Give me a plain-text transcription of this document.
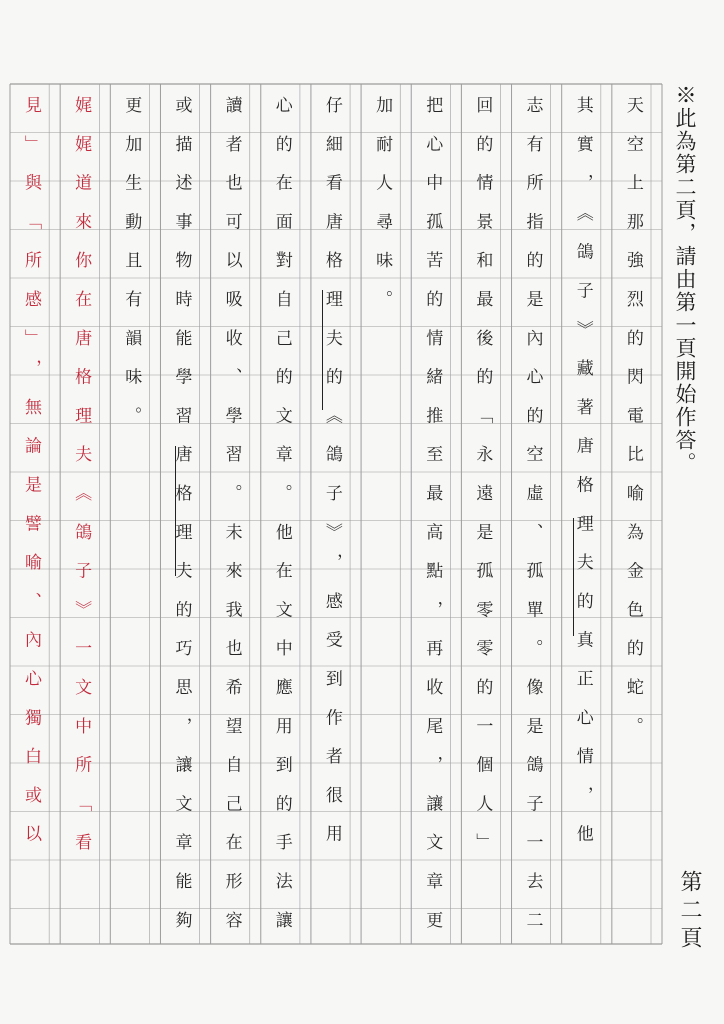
※此為第二頁，請由第一頁開始作答。
第二頁
天空上那強烈的閃電比喻為金色的蛇。
其實，《鴿子》藏著唐格理夫的真正心情，他
志有所指的是內心的空虛、孤單。像是鴿子一去二
回的情景和最後的「永遠是孤零零的一個人」
把心中孤苦的情緒推至最高點，再收尾，讓文章更
加耐人尋味。
仔細看唐格理夫的《鴿子》，感受到作者很用
心的在面對自己的文章。他在文中應用到的手法讓
讀者也可以吸收、學習。未來我也希望自己在形容
或描述事物時能學習唐格理夫的巧思，讓文章能夠
更加生動且有韻味。
娓娓道來你在唐格理夫《鴿子》一文中所「看
見」與「所感」，無論是譬喻、內心獨白或以
